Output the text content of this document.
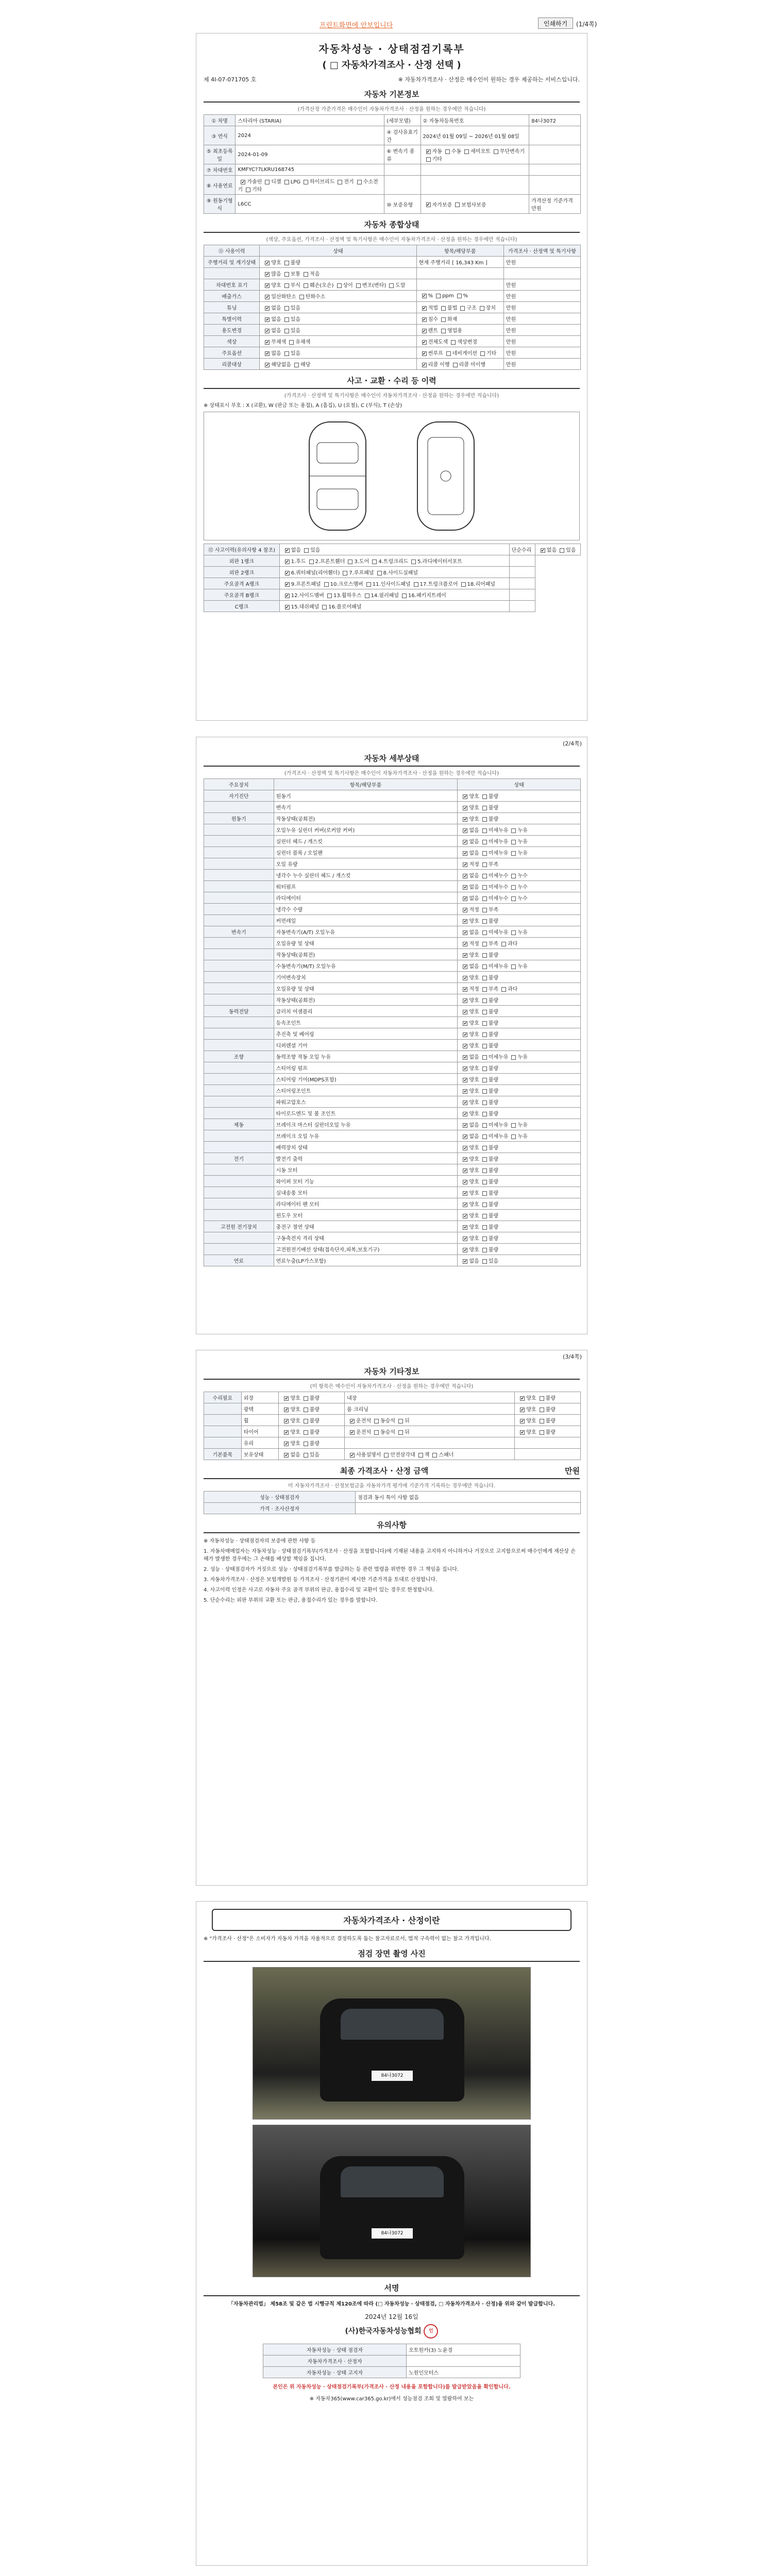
프린트화면에 안보입니다	인쇄하기	(1/4쪽)
자동차성능 · 상태점검기록부
( □ 자동차가격조사 · 산정 선택 )
제 4I-07-071705 호	※ 자동차가격조사 · 산정은 매수인이 원하는 경우 제공하는 서비스입니다.
자동차 기본정보
(가격산정 가준가격은 매수인이 자동차가격조사 · 산정을 원하는 경우에만 적습니다)
① 차명	스타리아 (STARIA)	(세부모델)	② 자동차등록번호	84나3072
③ 연식	2024	④ 검사유효기간	2024년 01월 09일 ~ 2026년 01월 08일	
⑤ 최초등록일	2024-01-09	⑥ 변속기 종류	✔자동 수동 세미오토 무단변속기기타	
⑦ 차대번호	KMFYC?7LKRU168745			
⑧ 사용연료	✔가솔린 디젤 LPG 하이브리드 전기 수소전기 기타			
⑨ 원동기형식	L6CC	⑩ 보증유형	✔자가보증 보험사보증	가격산정 기준가격 만원
자동차 종합상태
(색상, 주요옵션, 가격조사 · 산정액 및 특기사항은 매수인이 자동차가격조사 · 산정을 원하는 경우에만 적습니다)
⑪ 사용이력	상태	항목/해당부품	가격조사 · 산정액 및 특기사항
주행거리 및 계기상태	✔양호 불량	현재 주행거리 [ 16,343 Km ]	만원
	✔많음 보통 적음		
차대번호 표기	✔양호 부식 훼손(오손) 상이 변조(변타) 도말		만원
배출가스	✔일산화탄소 탄화수소	✔% ppm %	만원
튜닝	✔없음 있음	✔적법 불법 구조 장치	만원
특별이력	✔없음 있음	✔침수 화재	만원
용도변경	✔없음 있음	✔렌트 영업용	만원
색상	✔무채색 유채색	✔전체도색 색상변경	만원
주요옵션	✔없음 있음	✔썬루프 네비게이션 기타	만원
리콜대상	✔해당없음 해당	✔리콜 이행 리콜 미이행	만원
사고 · 교환 · 수리 등 이력
(가격조사 · 산정액 및 특기사항은 매수인이 자동차가격조사 · 산정을 원하는 경우에만 적습니다)
※ 상태표시 부호 : X (교환), W (판금 또는 용접), A (흠집), U (요철), C (부식), T (손상)
⑫ 사고이력(유의사항 4 참조)	✔없음 있음	단순수리	✔없음 있음
외판 1랭크	✔1.후드 2.프론트휀더 3.도어 4.트렁크리드 5.라디에이터서포트	
외판 2랭크	✔6.쿼터패널(리어휀더) 7.루프패널 8.사이드실패널	
주요골격 A랭크	✔9.프론트패널 10.크로스멤버 11.인사이드패널 17.트렁크플로어 18.리어패널	
주요골격 B랭크	✔12.사이드멤버 13.휠하우스 14.필러패널 16.패키지트레이	
C랭크	✔15.대쉬패널 16.플로어패널	
(2/4쪽)
자동차 세부상태
(가격조사 · 산정액 및 특기사항은 매수인이 자동차가격조사 · 산정을 원하는 경우에만 적습니다)
주요장치	항목/해당부품	상태
자기진단	원동기	✔양호 불량
	변속기	✔양호 불량
원동기	작동상태(공회전)	✔양호 불량
	오일누유 실린더 커버(로커암 커버)	✔없음 미세누유 누유
	실린더 헤드 / 개스킷	✔없음 미세누유 누유
	실린더 블록 / 오일팬	✔없음 미세누유 누유
	오일 유량	✔적정 부족
	냉각수 누수 실린더 헤드 / 개스킷	✔없음 미세누수 누수
	워터펌프	✔없음 미세누수 누수
	라디에이터	✔없음 미세누수 누수
	냉각수 수량	✔적정 부족
	커먼레일	✔양호 불량
변속기	자동변속기(A/T) 오일누유	✔없음 미세누유 누유
	오일유량 및 상태	✔적정 부족 과다
	작동상태(공회전)	✔양호 불량
	수동변속기(M/T) 오일누유	✔없음 미세누유 누유
	기어변속장치	✔양호 불량
	오일유량 및 상태	✔적정 부족 과다
	작동상태(공회전)	✔양호 불량
동력전달	클러치 어셈블리	✔양호 불량
	등속조인트	✔양호 불량
	추진축 및 베어링	✔양호 불량
	디퍼렌셜 기어	✔양호 불량
조향	동력조향 작동 오일 누유	✔없음 미세누유 누유
	스티어링 펌프	✔양호 불량
	스티어링 기어(MDPS포함)	✔양호 불량
	스티어링조인트	✔양호 불량
	파워고압호스	✔양호 불량
	타이로드엔드 및 볼 조인트	✔양호 불량
제동	브레이크 마스터 실린더오일 누유	✔없음 미세누유 누유
	브레이크 오일 누유	✔없음 미세누유 누유
	배력장치 상태	✔양호 불량
전기	발전기 출력	✔양호 불량
	시동 모터	✔양호 불량
	와이퍼 모터 기능	✔양호 불량
	실내송풍 모터	✔양호 불량
	라디에이터 팬 모터	✔양호 불량
	윈도우 모터	✔양호 불량
고전원 전기장치	충전구 절연 상태	✔양호 불량
	구동축전지 격리 상태	✔양호 불량
	고전원전기배선 상태(접속단자,피복,보호기구)	✔양호 불량
연료	연료누출(LP가스포함)	✔없음 있음
(3/4쪽)
자동차 기타정보
(미 항목은 매수인이 자동차가격조사 · 산정을 원하는 경우에만 적습니다)
수리필요	외장	✔양호 불량	내장	✔양호 불량
	광택	✔양호 불량	룸 크리닝	✔양호 불량
	휠	✔양호 불량	✔운전석 동승석 뒤	✔양호 불량
	타이어	✔양호 불량	✔운전석 동승석 뒤	✔양호 불량
	유리	✔양호 불량		
기본품목	보유상태	✔없음 있음	✔사용설명서 안전삼각대 잭 스패너	
최종 가격조사 · 산정 금액	만원
미 자동차가격조사 · 산정보험금을 자동차가격 평가에 기준가격 기록하는 경우에만 적습니다.
성능 · 상태점검자	점검과 동시 특이 사항 없음
가격 · 조사산정자	
유의사항

※ 자동차성능 · 상태점검자의 보증에 관한 사항 등

1. 자동차매매업자는 자동차성능 · 상태점검기록부(가격조사 · 산정을 포함합니다)에 기재된 내용을 고지하지 아니하거나 거짓으로 고지함으로써 매수인에게 재산상 손해가 발생한 경우에는 그 손해를 배상할 책임을 집니다.

2. 성능 · 상태점검자가 거짓으로 성능 · 상태점검기록부를 발급하는 등 관련 법령을 위반한 경우 그 책임을 집니다.

3. 자동차가격조사 · 산정은 보험개발원 등 가격조사 · 산정기관이 제시한 기준가격을 토대로 산정합니다.

4. 사고이력 인정은 사고로 자동차 주요 골격 부위의 판금, 용접수리 및 교환이 있는 경우로 한정합니다.

5. 단순수리는 외판 부위의 교환 또는 판금, 용접수리가 있는 경우를 말합니다.

자동차가격조사 · 산정이란
※ "가격조사 · 산정"은 소비자가 자동차 가격을 자율적으로 결정하도록 돕는 참고자료로서, 법적 구속력이 없는 참고 가격입니다.
점검 장면 촬영 사진
84나3072
84나3072
서명
「자동차관리법」 제58조 및 같은 법 시행규칙 제120조에 따라 (□ 자동차성능 · 상태점검, □ 자동차가격조사 · 산정)을 위와 같이 발급합니다.
2024년 12월 16일
(사)한국자동차성능협회 인
자동차성능 · 상태 점검자	오토원카(3) 노윤경
자동차가격조사 · 산정자	
자동차성능 · 상태 고지자	노원인모터스
본인은 위 자동차성능 · 상태점검기록부(가격조사 · 산정 내용을 포함합니다)를 발급받았음을 확인합니다.
※ 자동차365(www.car365.go.kr)에서 성능점검 조회 및 열람하여 보는
